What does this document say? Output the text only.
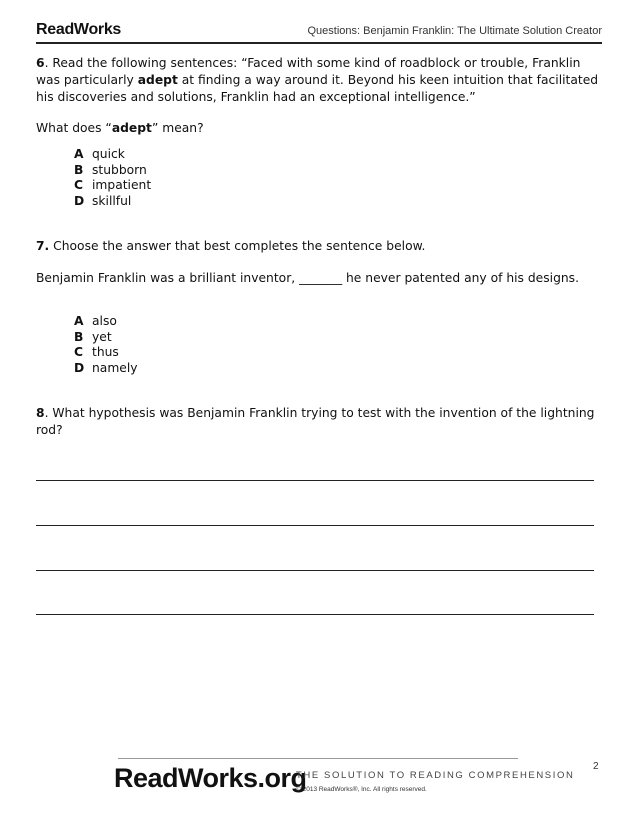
ReadWorks	Questions: Benjamin Franklin: The Ultimate Solution Creator

6. Read the following sentences: “Faced with some kind of roadblock or trouble, Franklin was particularly adept at finding a way around it. Beyond his keen intuition that facilitated his discoveries and solutions, Franklin had an exceptional intelligence.”

What does “adept” mean?

A quick
B stubborn
C impatient
D skillful

7. Choose the answer that best completes the sentence below.

Benjamin Franklin was a brilliant inventor, _______ he never patented any of his designs.

A also
B yet
C thus
D namely

8. What hypothesis was Benjamin Franklin trying to test with the invention of the lightning rod?

ReadWorks.org
THE SOLUTION TO READING COMPREHENSION
© 2013 ReadWorks®, Inc. All rights reserved.
2
